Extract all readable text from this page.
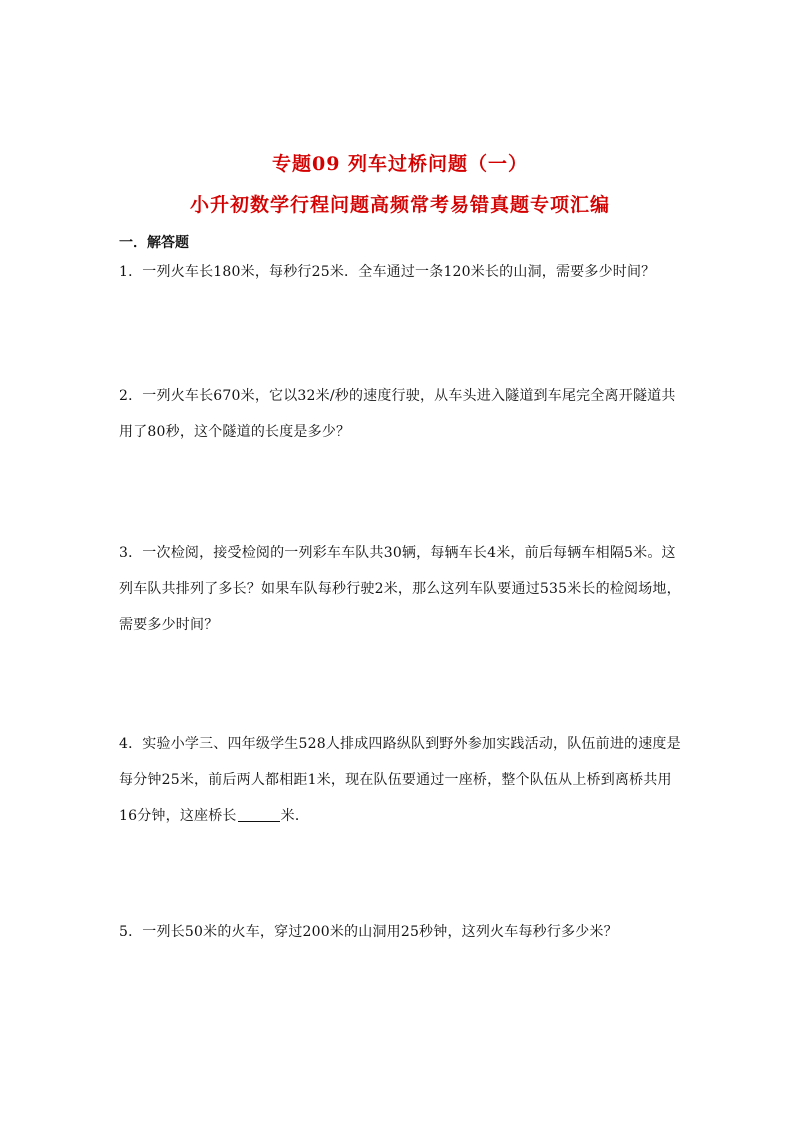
专题09 列车过桥问题（一）
小升初数学行程问题高频常考易错真题专项汇编
一．解答题
1．一列火车长180米，每秒行25米．全车通过一条120米长的山洞，需要多少时间？
2．一列火车长670米，它以32米/秒的速度行驶，从车头进入隧道到车尾完全离开隧道共用了80秒，这个隧道的长度是多少？
3．一次检阅，接受检阅的一列彩车车队共30辆，每辆车长4米，前后每辆车相隔5米。这列车队共排列了多长？如果车队每秒行驶2米，那么这列车队要通过535米长的检阅场地，需要多少时间？
4．实验小学三、四年级学生528人排成四路纵队到野外参加实践活动，队伍前进的速度是每分钟25米，前后两人都相距1米，现在队伍要通过一座桥，整个队伍从上桥到离桥共用16分钟，这座桥长	米．
5．一列长50米的火车，穿过200米的山洞用25秒钟，这列火车每秒行多少米？
